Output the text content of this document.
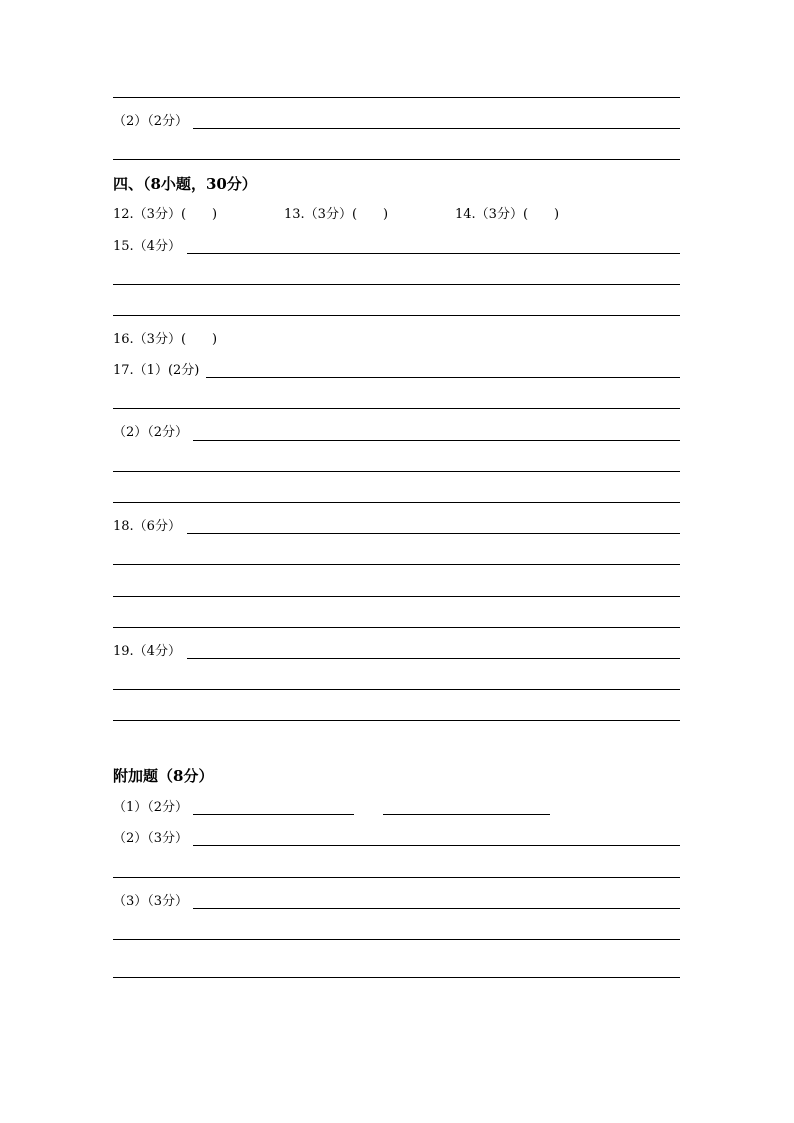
（2）（2分）
四、（8小题，30分）
12.（3分）(　　)	13.（3分）(　　)	14.（3分）(　　)
15.（4分）
16.（3分）(　　)
17.（1）(2分)
（2）（2分）
18.（6分）
19.（4分）
附加题（8分）
（1）（2分）
（2）（3分）
（3）（3分）
